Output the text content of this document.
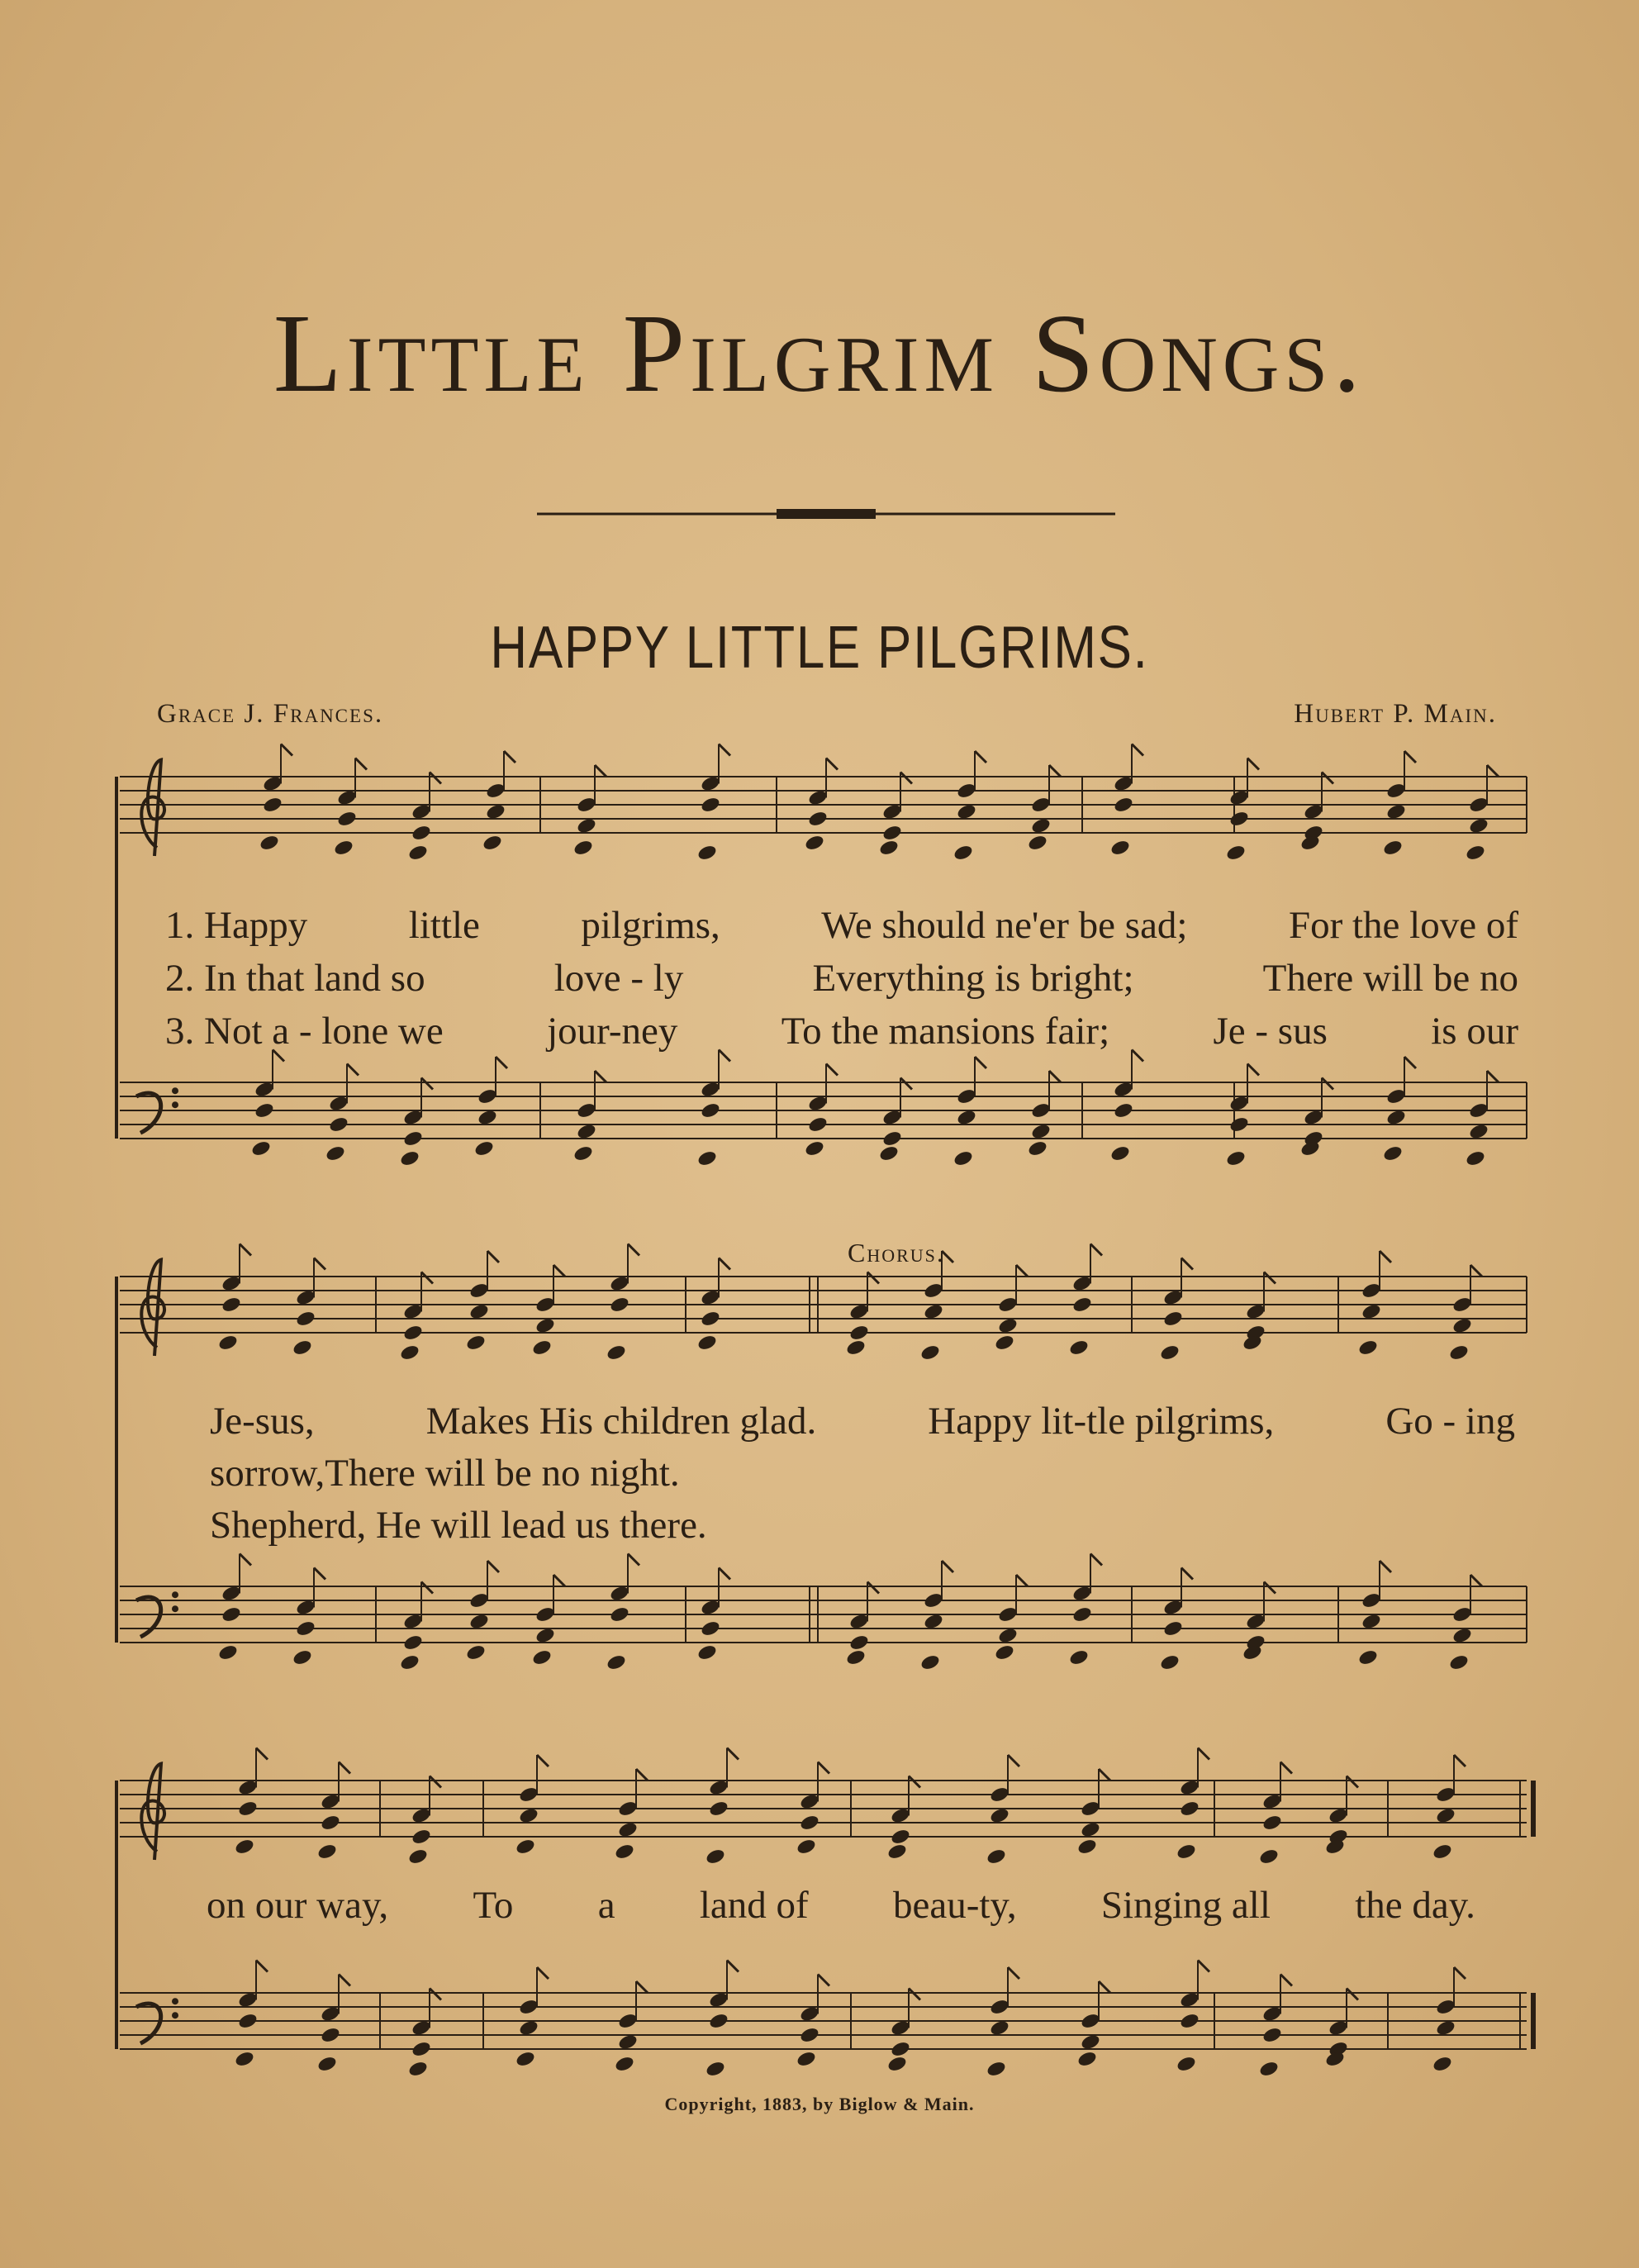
Little Pilgrim Songs.
HAPPY LITTLE PILGRIMS.
Grace J. Frances.	Hubert P. Main.
1. Happy	little	pilgrims,	We should ne'er be sad;	For the love of
2. In that land so	love - ly	Everything is bright;	There will be no
3. Not a - lone we	jour-ney	To the mansions fair;	Je - sus	is our
Chorus.
Je-sus,	Makes His children glad.	Happy lit-tle pilgrims,	Go - ing
sorrow,There will be no night.
Shepherd, He will lead us there.
on our way, To a land of beau-ty, Singing all the day.
Copyright, 1883, by Biglow & Main.
